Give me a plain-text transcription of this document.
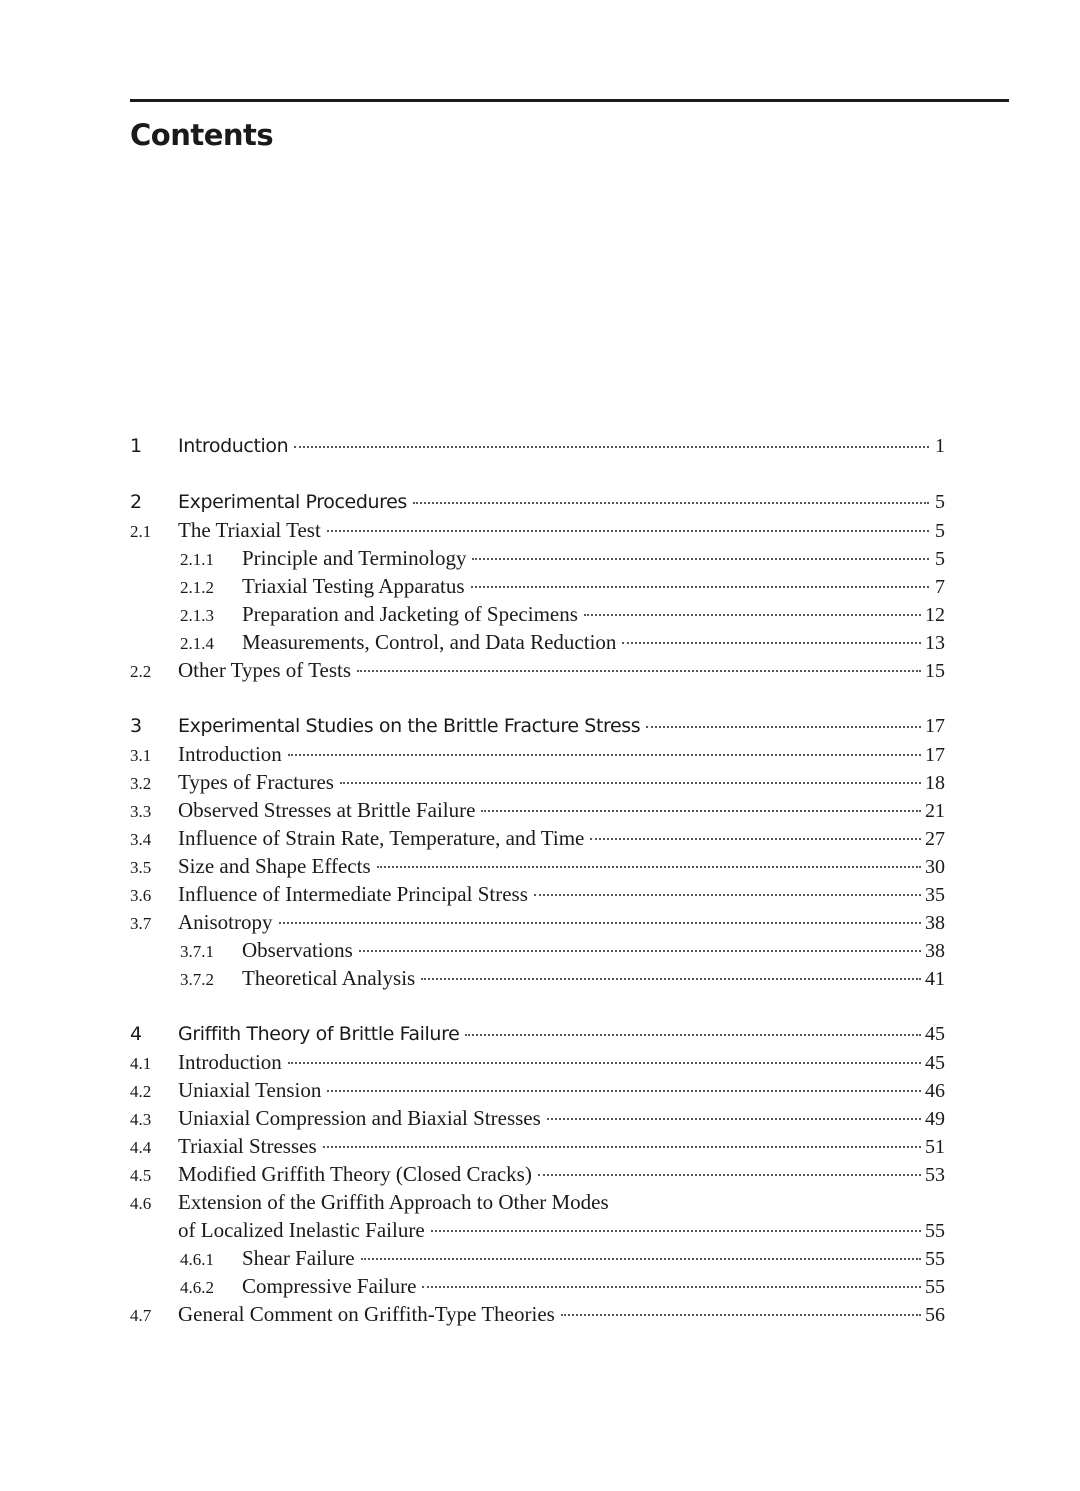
Contents
1	Introduction	1
2	Experimental Procedures	5
2.1	The Triaxial Test	5
2.1.1	Principle and Terminology	5
2.1.2	Triaxial Testing Apparatus	7
2.1.3	Preparation and Jacketing of Specimens	12
2.1.4	Measurements, Control, and Data Reduction	13
2.2	Other Types of Tests	15
3	Experimental Studies on the Brittle Fracture Stress	17
3.1	Introduction	17
3.2	Types of Fractures	18
3.3	Observed Stresses at Brittle Failure	21
3.4	Influence of Strain Rate, Temperature, and Time	27
3.5	Size and Shape Effects	30
3.6	Influence of Intermediate Principal Stress	35
3.7	Anisotropy	38
3.7.1	Observations	38
3.7.2	Theoretical Analysis	41
4	Griffith Theory of Brittle Failure	45
4.1	Introduction	45
4.2	Uniaxial Tension	46
4.3	Uniaxial Compression and Biaxial Stresses	49
4.4	Triaxial Stresses	51
4.5	Modified Griffith Theory (Closed Cracks)	53
4.6	Extension of the Griffith Approach to Other Modes
of Localized Inelastic Failure	55
4.6.1	Shear Failure	55
4.6.2	Compressive Failure	55
4.7	General Comment on Griffith-Type Theories	56
